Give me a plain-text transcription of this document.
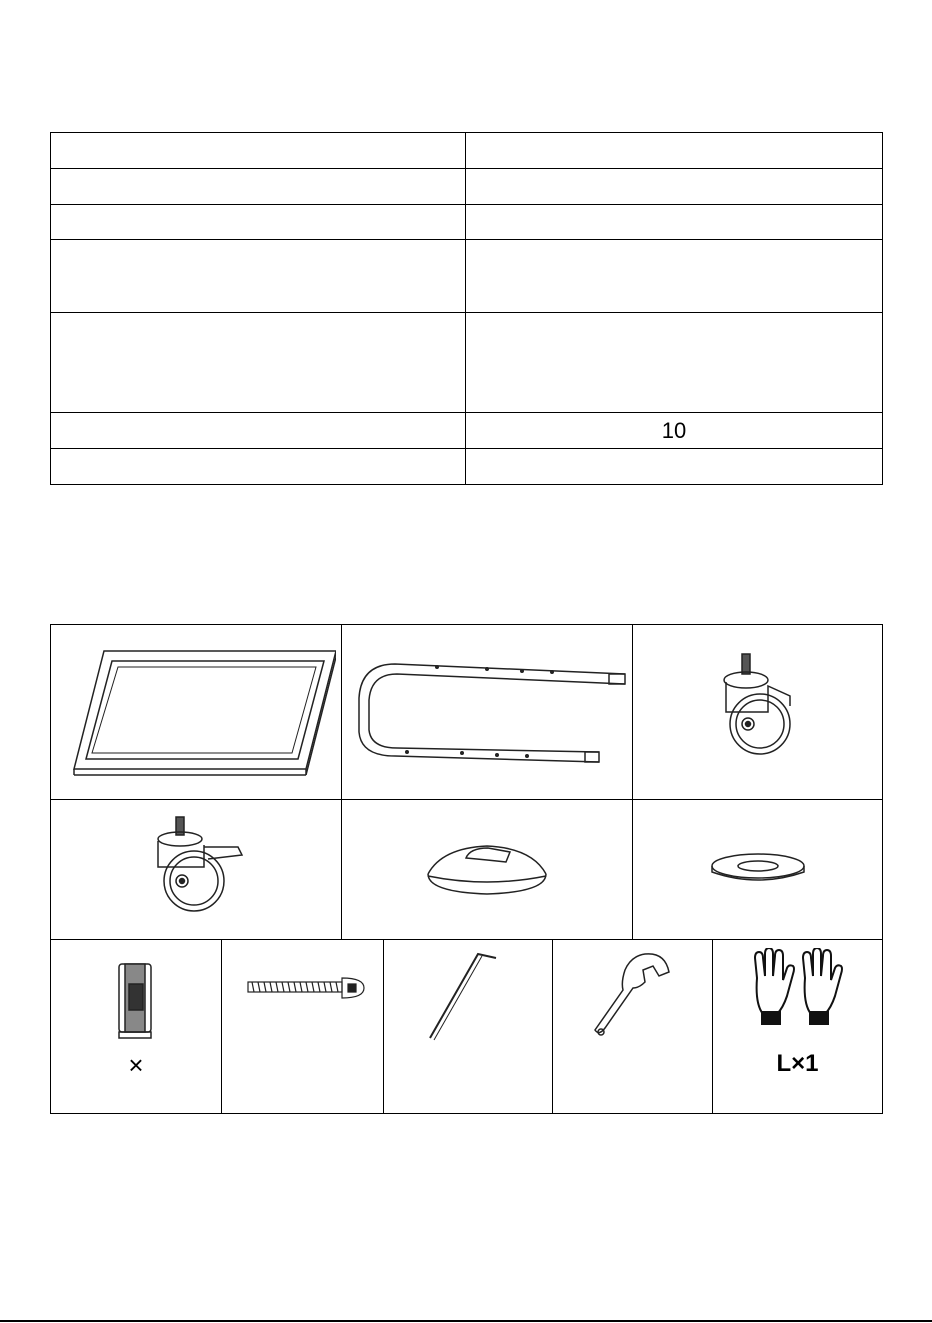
	10

×				L×1
